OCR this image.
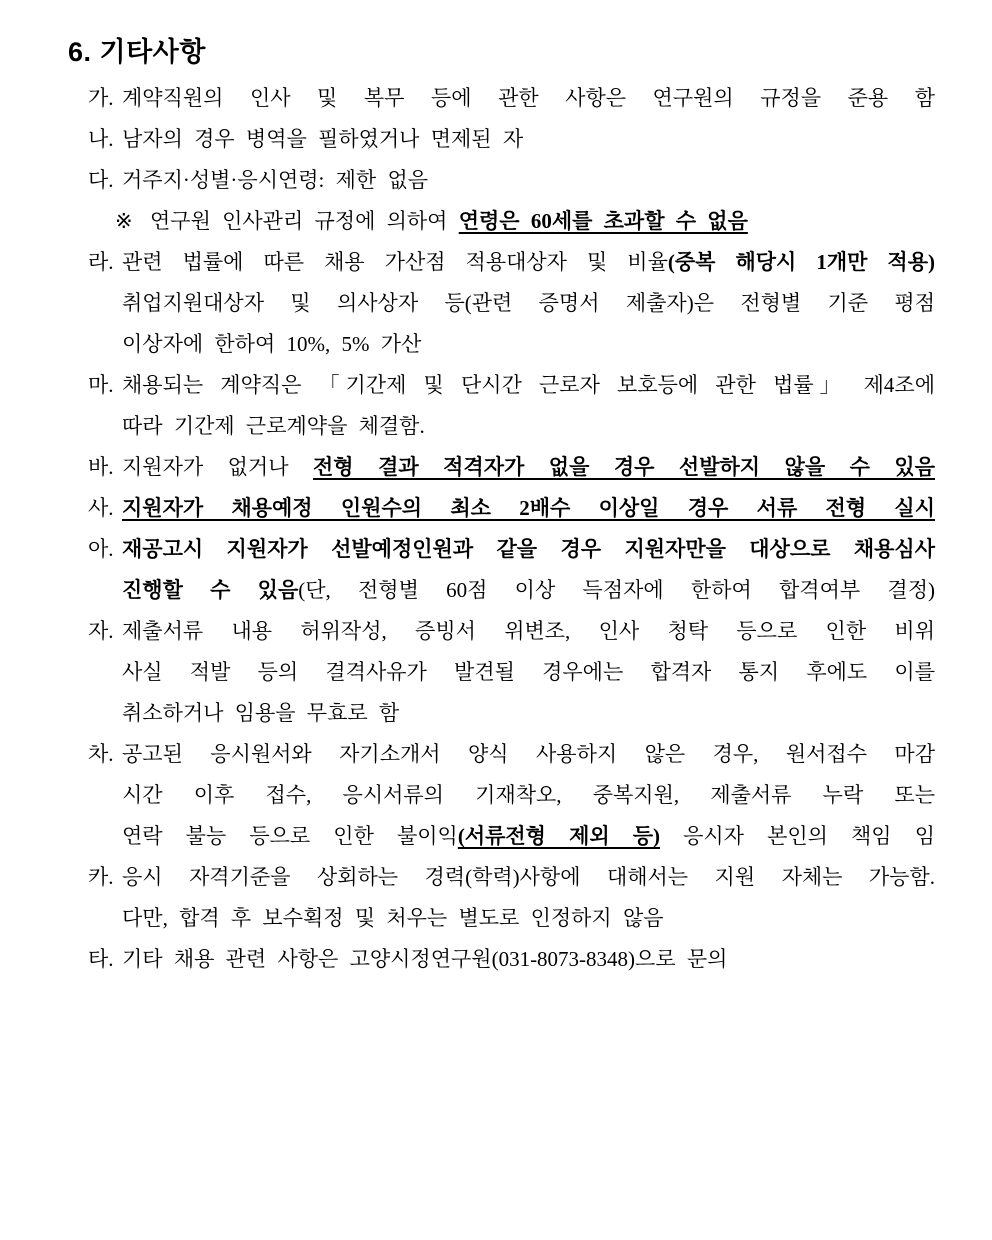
6. 기타사항
가. 계약직원의 인사 및 복무 등에 관한 사항은 연구원의 규정을 준용 함
나. 남자의 경우 병역을 필하였거나 면제된 자
다. 거주지·성별·응시연령: 제한 없음
※ 연구원 인사관리 규정에 의하여 연령은 60세를 초과할 수 없음
라. 관련 법률에 따른 채용 가산점 적용대상자 및 비율(중복 해당시 1개만 적용)
취업지원대상자 및 의사상자 등(관련 증명서 제출자)은 전형별 기준 평점
이상자에 한하여 10%, 5% 가산
마. 채용되는 계약직은 「기간제 및 단시간 근로자 보호등에 관한 법률」 제4조에
따라 기간제 근로계약을 체결함.
바. 지원자가 없거나 전형 결과 적격자가 없을 경우 선발하지 않을 수 있음
사. 지원자가 채용예정 인원수의 최소 2배수 이상일 경우 서류 전형 실시
아. 재공고시 지원자가 선발예정인원과 같을 경우 지원자만을 대상으로 채용심사
진행할 수 있음(단, 전형별 60점 이상 득점자에 한하여 합격여부 결정)
자. 제출서류 내용 허위작성, 증빙서 위변조, 인사 청탁 등으로 인한 비위
사실 적발 등의 결격사유가 발견될 경우에는 합격자 통지 후에도 이를
취소하거나 임용을 무효로 함
차. 공고된 응시원서와 자기소개서 양식 사용하지 않은 경우, 원서접수 마감
시간 이후 접수, 응시서류의 기재착오, 중복지원, 제출서류 누락 또는
연락 불능 등으로 인한 불이익(서류전형 제외 등) 응시자 본인의 책임 임
카. 응시 자격기준을 상회하는 경력(학력)사항에 대해서는 지원 자체는 가능함.
다만, 합격 후 보수획정 및 처우는 별도로 인정하지 않음
타. 기타 채용 관련 사항은 고양시정연구원(031-8073-8348)으로 문의
